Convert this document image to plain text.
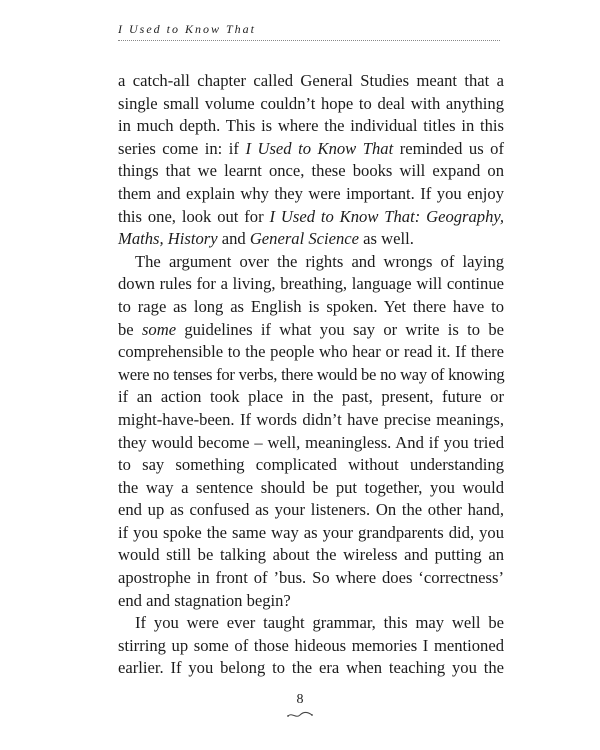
I Used to Know That
a catch-all chapter called General Studies meant that a
single small volume couldn’t hope to deal with anything
in much depth. This is where the individual titles in this
series come in: if I Used to Know That reminded us of
things that we learnt once, these books will expand on
them and explain why they were important. If you enjoy
this one, look out for I Used to Know That: Geography,
Maths, History and General Science as well.
The argument over the rights and wrongs of laying
down rules for a living, breathing, language will continue
to rage as long as English is spoken. Yet there have to
be some guidelines if what you say or write is to be
comprehensible to the people who hear or read it. If there
were no tenses for verbs, there would be no way of knowing
if an action took place in the past, present, future or
might-have-been. If words didn’t have precise meanings,
they would become – well, meaningless. And if you tried
to say something complicated without understanding
the way a sentence should be put together, you would
end up as confused as your listeners. On the other hand,
if you spoke the same way as your grandparents did, you
would still be talking about the wireless and putting an
apostrophe in front of ’bus. So where does ‘correctness’
end and stagnation begin?
If you were ever taught grammar, this may well be
stirring up some of those hideous memories I mentioned
earlier. If you belong to the era when teaching you the
8
